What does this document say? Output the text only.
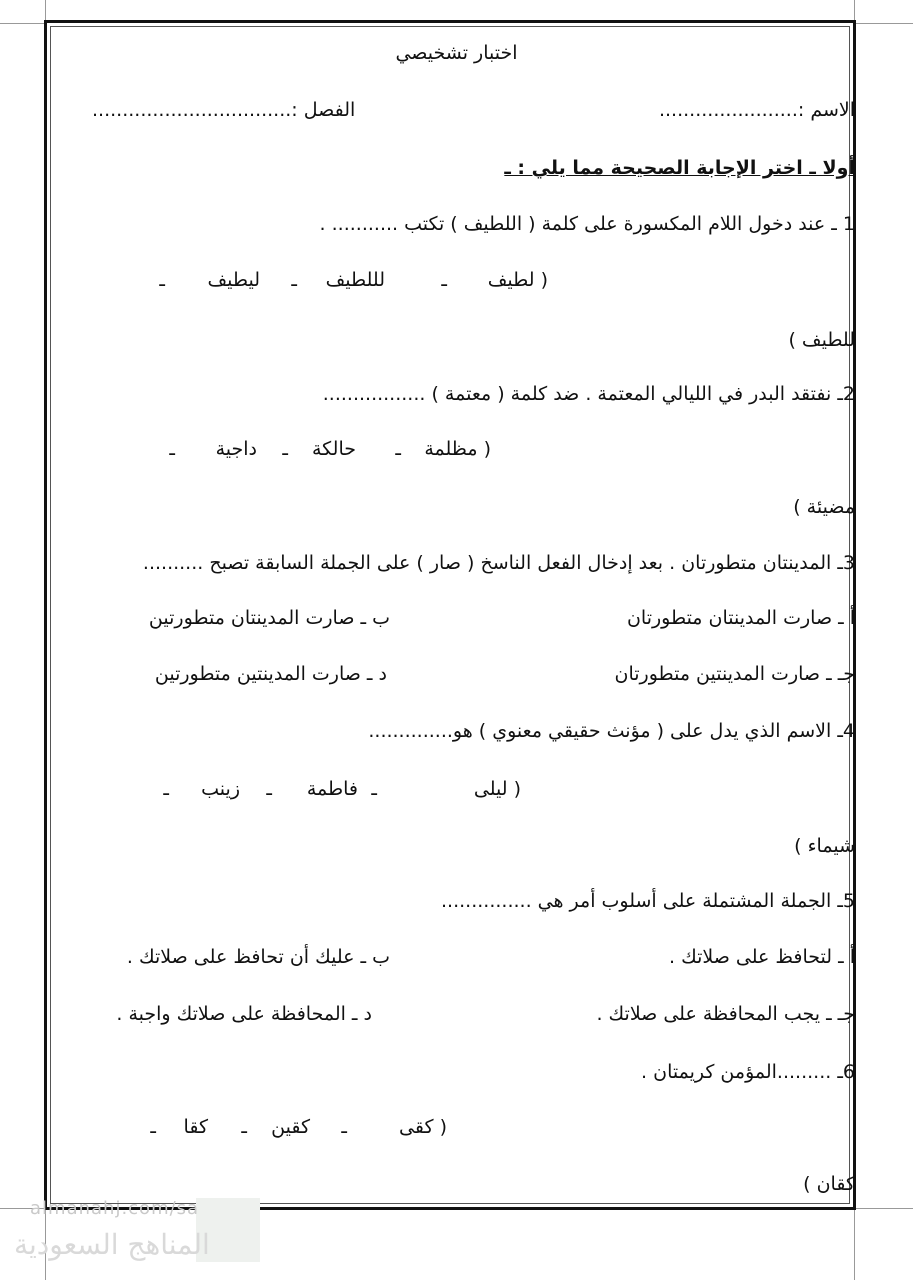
اختبار تشخيصي
الاسم :.......................
الفصل :.................................
أولا ـ اختر الإجابة الصحيحة مما يلي : ـ
1 ـ عند دخول اللام المكسورة على كلمة ( اللطيف ) تكتب ........... .
( لطيف
ـ
لللطيف
ـ
ليطيف
ـ
للطيف )
2ـ نفتقد البدر في الليالي المعتمة . ضد كلمة ( معتمة ) .................
( مظلمة
ـ
حالكة
ـ
داجية
ـ
مضيئة )
3ـ المدينتان متطورتان . بعد إدخال الفعل الناسخ ( صار ) على الجملة السابقة تصبح ..........
أ ـ صارت المدينتان متطورتان
ب ـ صارت المدينتان متطورتين
جـ ـ صارت المدينتين متطورتان
د ـ صارت المدينتين متطورتين
4ـ الاسم الذي يدل على ( مؤنث حقيقي معنوي ) هو..............
( ليلى
ـ
فاطمة
ـ
زينب
ـ
شيماء )
5ـ الجملة المشتملة على أسلوب أمر هي ...............
أ ـ لتحافظ على صلاتك .
ب ـ عليك أن تحافظ على صلاتك .
جـ ـ يجب المحافظة على صلاتك .
د ـ المحافظة على صلاتك واجبة .
6ـ .........المؤمن كريمتان .
( كقى
ـ
كقين
ـ
كقا
ـ
كقان )
almanahj.com/sa
المناهج السعودية
